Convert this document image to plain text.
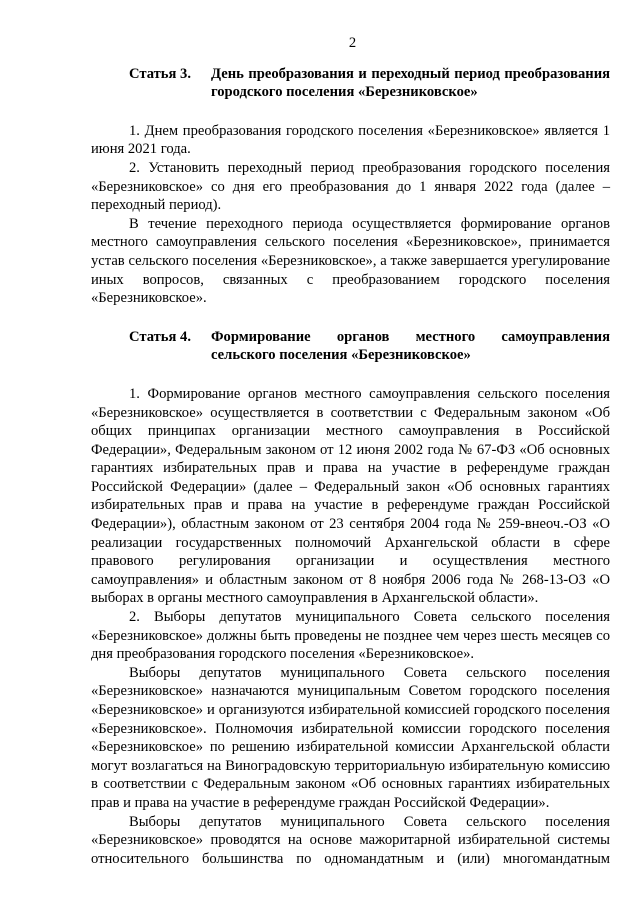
2
Статья 3.	День преобразования и переходный период преобразования городского поселения «Березниковское»

1. Днем преобразования городского поселения «Березниковское» является 1 июня 2021 года.

2. Установить переходный период преобразования городского поселения «Березниковское» со дня его преобразования до 1 января 2022 года (далее – переходный период).

В течение переходного периода осуществляется формирование органов местного самоуправления сельского поселения «Березниковское», принимается устав сельского поселения «Березниковское», а также завершается урегулирование иных вопросов, связанных с преобразованием городского поселения «Березниковское».

Статья 4.	Формирование органов местного самоуправления сельского поселения «Березниковское»

1. Формирование органов местного самоуправления сельского поселения «Березниковское» осуществляется в соответствии с Федеральным законом «Об общих принципах организации местного самоуправления в Российской Федерации», Федеральным законом от 12 июня 2002 года № 67-ФЗ «Об основных гарантиях избирательных прав и права на участие в референдуме граждан Российской Федерации» (далее – Федеральный закон «Об основных гарантиях избирательных прав и права на участие в референдуме граждан Российской Федерации»), областным законом от 23 сентября 2004 года № 259-внеоч.-ОЗ «О реализации государственных полномочий Архангельской области в сфере правового регулирования организации и осуществления местного самоуправления» и областным законом от 8 ноября 2006 года № 268-13-ОЗ «О выборах в органы местного самоуправления в Архангельской области».

2. Выборы депутатов муниципального Совета сельского поселения «Березниковское» должны быть проведены не позднее чем через шесть месяцев со дня преобразования городского поселения «Березниковское».

Выборы депутатов муниципального Совета сельского поселения «Березниковское» назначаются муниципальным Советом городского поселения «Березниковское» и организуются избирательной комиссией городского поселения «Березниковское». Полномочия избирательной комиссии городского поселения «Березниковское» по решению избирательной комиссии Архангельской области могут возлагаться на Виноградовскую территориальную избирательную комиссию в соответствии с Федеральным законом «Об основных гарантиях избирательных прав и права на участие в референдуме граждан Российской Федерации».

Выборы депутатов муниципального Совета сельского поселения «Березниковское» проводятся на основе мажоритарной избирательной системы относительного большинства по одномандатным и (или) многомандатным
